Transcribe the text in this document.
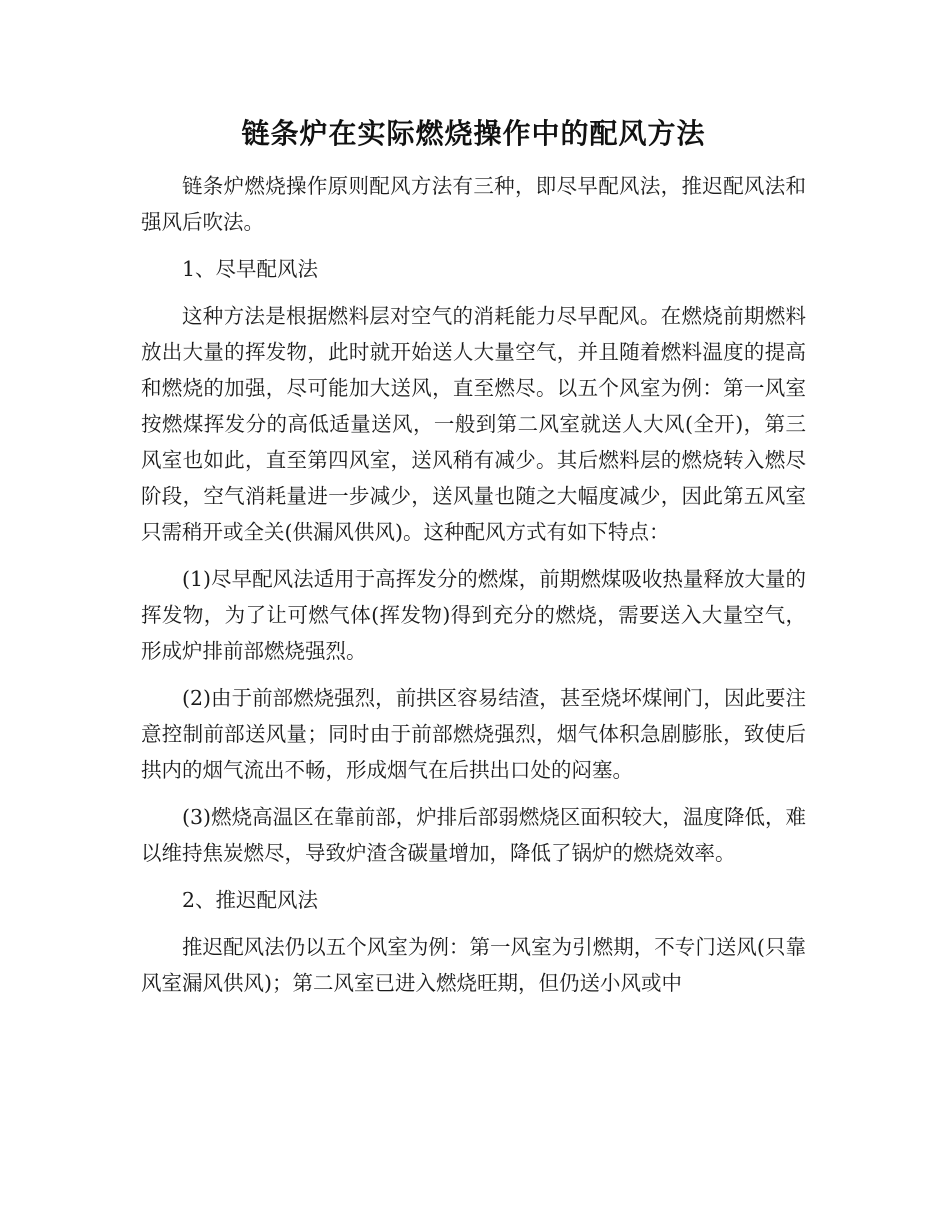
链条炉在实际燃烧操作中的配风方法

链条炉燃烧操作原则配风方法有三种，即尽早配风法，推迟配风法和强风后吹法。

1、尽早配风法

这种方法是根据燃料层对空气的消耗能力尽早配风。在燃烧前期燃料放出大量的挥发物，此时就开始送人大量空气，并且随着燃料温度的提高和燃烧的加强，尽可能加大送风，直至燃尽。以五个风室为例：第一风室按燃煤挥发分的高低适量送风，一般到第二风室就送人大风(全开)，第三风室也如此，直至第四风室，送风稍有减少。其后燃料层的燃烧转入燃尽阶段，空气消耗量进一步减少，送风量也随之大幅度减少，因此第五风室只需稍开或全关(供漏风供风)。这种配风方式有如下特点：

(1)尽早配风法适用于高挥发分的燃煤，前期燃煤吸收热量释放大量的挥发物，为了让可燃气体(挥发物)得到充分的燃烧，需要送入大量空气，形成炉排前部燃烧强烈。

(2)由于前部燃烧强烈，前拱区容易结渣，甚至烧坏煤闸门，因此要注意控制前部送风量；同时由于前部燃烧强烈，烟气体积急剧膨胀，致使后拱内的烟气流出不畅，形成烟气在后拱出口处的闷塞。

(3)燃烧高温区在靠前部，炉排后部弱燃烧区面积较大，温度降低，难以维持焦炭燃尽，导致炉渣含碳量增加，降低了锅炉的燃烧效率。

2、推迟配风法

推迟配风法仍以五个风室为例：第一风室为引燃期，不专门送风(只靠风室漏风供风)；第二风室已进入燃烧旺期，但仍送小风或中
